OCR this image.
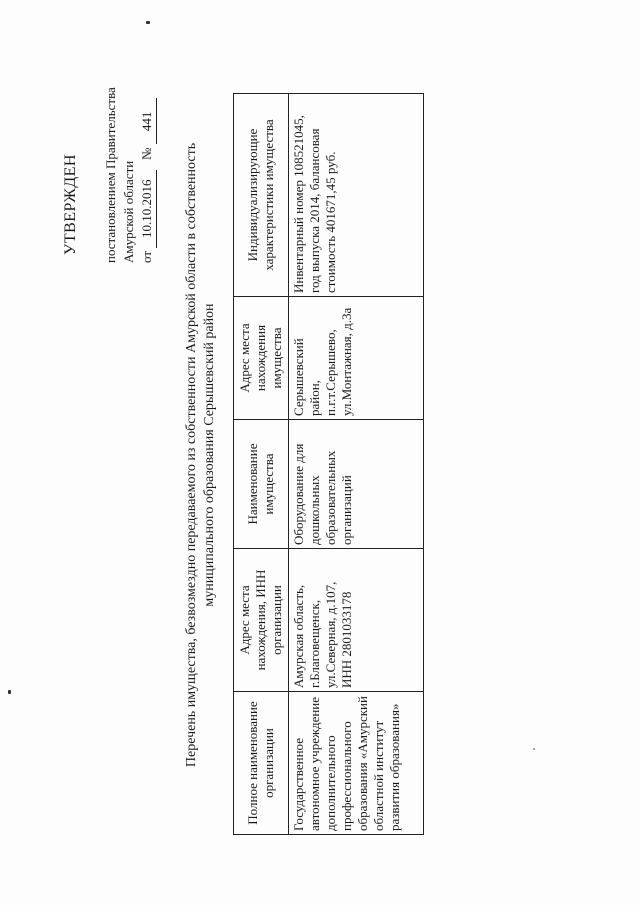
УТВЕРЖДЕН постановлением Правительства Амурской области от 10.10.2016   № 441
Перечень имущества, безвозмездно передаваемого из собственности Амурской области в собственность муниципального образования Серышевский район
Полное наименование организации	Адрес места нахождения, ИНН организации	Наименование имущества	Адрес места нахождения имущества	Индивидуализирующие характеристики имущества
Государственное автономное учреждение дополнительного профессионального образования «Амурский областной институт развития образования»	Амурская область, г.Благовещенск, ул.Северная, д.107, ИНН 2801033178	Оборудование для дошкольных образовательных организаций	Серышевский район, п.г.т.Серышево, ул.Монтажная, д.3а	Инвентарный номер 108521045, год выпуска 2014, балансовая стоимость 401671,45 руб.
